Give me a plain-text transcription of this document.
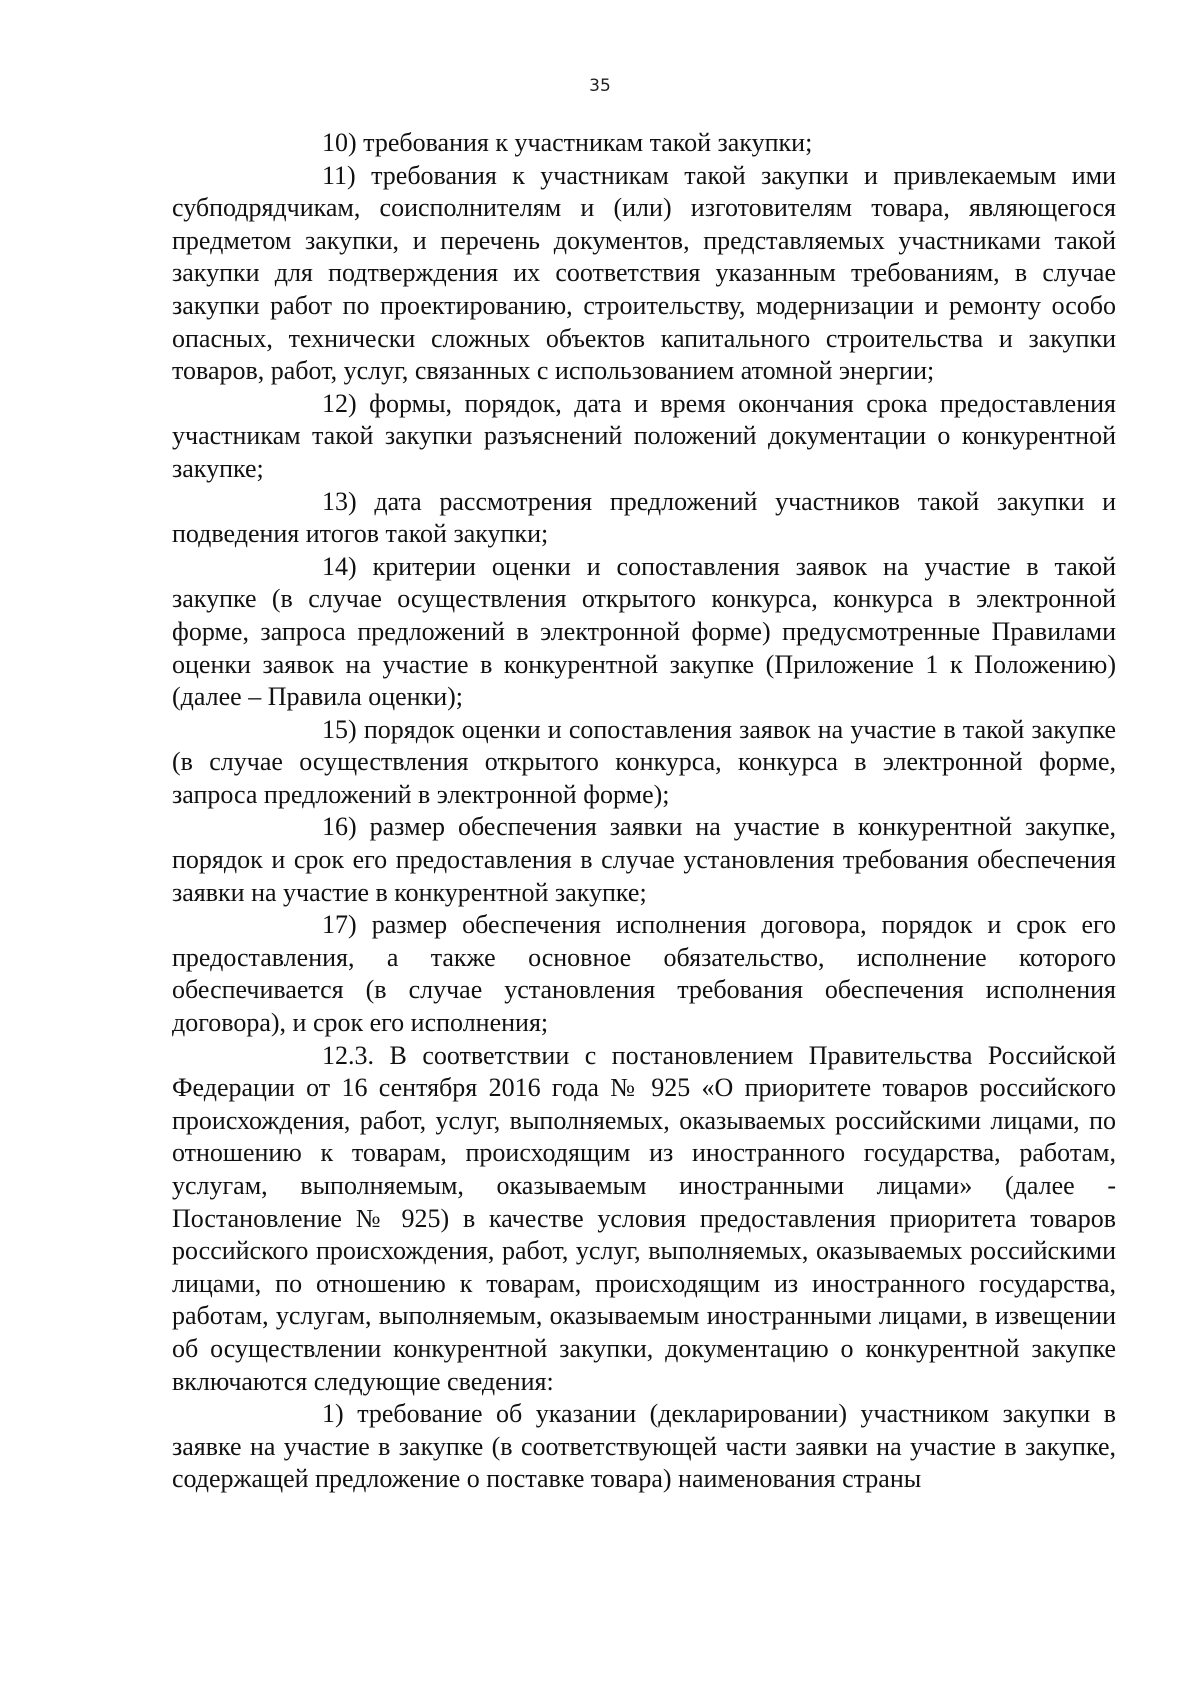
35

10) требования к участникам такой закупки;

11) требования к участникам такой закупки и привлекаемым ими субподрядчикам, соисполнителям и (или) изготовителям товара, являющегося предметом закупки, и перечень документов, представляемых участниками такой закупки для подтверждения их соответствия указанным требованиям, в случае закупки работ по проектированию, строительству, модернизации и ремонту особо опасных, технически сложных объектов капитального строительства и закупки товаров, работ, услуг, связанных с использованием атомной энергии;

12) формы, порядок, дата и время окончания срока предоставления участникам такой закупки разъяснений положений документации о конкурентной закупке;

13) дата рассмотрения предложений участников такой закупки и подведения итогов такой закупки;

14) критерии оценки и сопоставления заявок на участие в такой закупке (в случае осуществления открытого конкурса, конкурса в электронной форме, запроса предложений в электронной форме) предусмотренные Правилами оценки заявок на участие в конкурентной закупке (Приложение 1 к Положению) (далее – Правила оценки);

15) порядок оценки и сопоставления заявок на участие в такой закупке (в случае осуществления открытого конкурса, конкурса в электронной форме, запроса предложений в электронной форме);

16) размер обеспечения заявки на участие в конкурентной закупке, порядок и срок его предоставления в случае установления требования обеспечения заявки на участие в конкурентной закупке;

17) размер обеспечения исполнения договора, порядок и срок его предоставления, а также основное обязательство, исполнение которого обеспечивается (в случае установления требования обеспечения исполнения договора), и срок его исполнения;

12.3. В соответствии с постановлением Правительства Российской Федерации от 16 сентября 2016 года № 925 «О приоритете товаров российского происхождения, работ, услуг, выполняемых, оказываемых российскими лицами, по отношению к товарам, происходящим из иностранного государства, работам, услугам, выполняемым, оказываемым иностранными лицами» (далее - Постановление № 925) в качестве условия предоставления приоритета товаров российского происхождения, работ, услуг, выполняемых, оказываемых российскими лицами, по отношению к товарам, происходящим из иностранного государства, работам, услугам, выполняемым, оказываемым иностранными лицами, в извещении об осуществлении конкурентной закупки, документацию о конкурентной закупке включаются следующие сведения:

1) требование об указании (декларировании) участником закупки в заявке на участие в закупке (в соответствующей части заявки на участие в закупке, содержащей предложение о поставке товара) наименования страны
